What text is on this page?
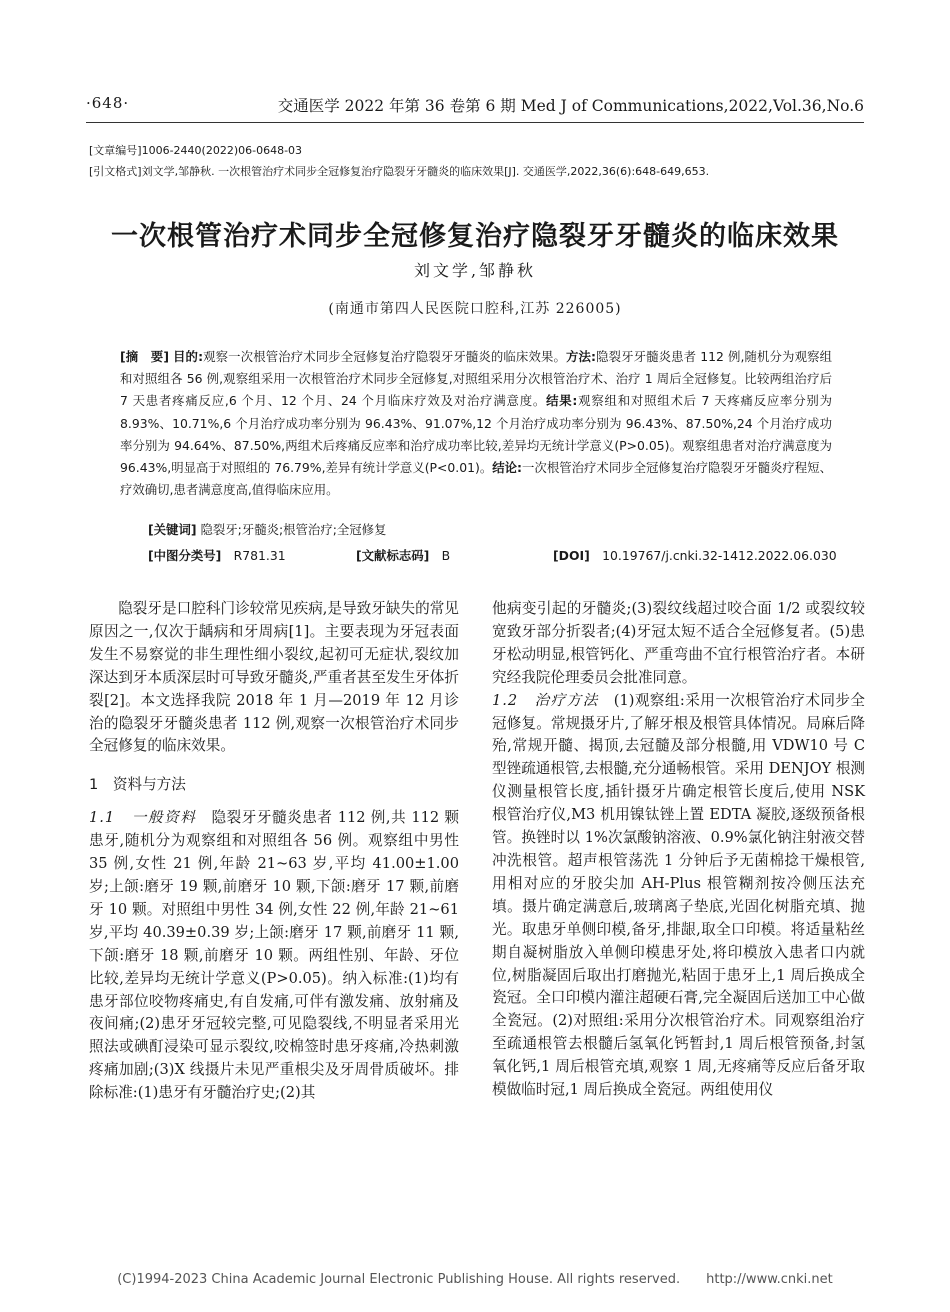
·648·	交通医学 2022 年第 36 卷第 6 期 Med J of Communications,2022,Vol.36,No.6
[文章编号]1006-2440(2022)06-0648-03
[引文格式]刘文学,邹静秋. 一次根管治疗术同步全冠修复治疗隐裂牙牙髓炎的临床效果[J]. 交通医学,2022,36(6):648-649,653.
一次根管治疗术同步全冠修复治疗隐裂牙牙髓炎的临床效果
刘文学,邹静秋
(南通市第四人民医院口腔科,江苏 226005)
[摘　要] 目的:观察一次根管治疗术同步全冠修复治疗隐裂牙牙髓炎的临床效果。方法:隐裂牙牙髓炎患者 112 例,随机分为观察组和对照组各 56 例,观察组采用一次根管治疗术同步全冠修复,对照组采用分次根管治疗术、治疗 1 周后全冠修复。比较两组治疗后 7 天患者疼痛反应,6 个月、12 个月、24 个月临床疗效及对治疗满意度。结果:观察组和对照组术后 7 天疼痛反应率分别为 8.93%、10.71%,6 个月治疗成功率分别为 96.43%、91.07%,12 个月治疗成功率分别为 96.43%、87.50%,24 个月治疗成功率分别为 94.64%、87.50%,两组术后疼痛反应率和治疗成功率比较,差异均无统计学意义(P>0.05)。观察组患者对治疗满意度为 96.43%,明显高于对照组的 76.79%,差异有统计学意义(P<0.01)。结论:一次根管治疗术同步全冠修复治疗隐裂牙牙髓炎疗程短、疗效确切,患者满意度高,值得临床应用。
[关键词] 隐裂牙;牙髓炎;根管治疗;全冠修复
[中图分类号]　 R781.31	[文献标志码]　 B	[DOI]　 10.19767/j.cnki.32-1412.2022.06.030

隐裂牙是口腔科门诊较常见疾病,是导致牙缺失的常见原因之一,仅次于龋病和牙周病[1]。主要表现为牙冠表面发生不易察觉的非生理性细小裂纹,起初可无症状,裂纹加深达到牙本质深层时可导致牙髓炎,严重者甚至发生牙体折裂[2]。本文选择我院 2018 年 1 月—2019 年 12 月诊治的隐裂牙牙髓炎患者 112 例,观察一次根管治疗术同步全冠修复的临床效果。

1　资料与方法

1.1　一般资料　 隐裂牙牙髓炎患者 112 例,共 112 颗患牙,随机分为观察组和对照组各 56 例。观察组中男性 35 例,女性 21 例,年龄 21~63 岁,平均 41.00±1.00 岁;上颌:磨牙 19 颗,前磨牙 10 颗,下颌:磨牙 17 颗,前磨牙 10 颗。对照组中男性 34 例,女性 22 例,年龄 21~61 岁,平均 40.39±0.39 岁;上颌:磨牙 17 颗,前磨牙 11 颗,下颌:磨牙 18 颗,前磨牙 10 颗。两组性别、年龄、牙位比较,差异均无统计学意义(P>0.05)。纳入标准:(1)均有患牙部位咬物疼痛史,有自发痛,可伴有激发痛、放射痛及夜间痛;(2)患牙牙冠较完整,可见隐裂线,不明显者采用光照法或碘酊浸染可显示裂纹,咬棉签时患牙疼痛,冷热刺激疼痛加剧;(3)X 线摄片未见严重根尖及牙周骨质破坏。排除标准:(1)患牙有牙髓治疗史;(2)其

他病变引起的牙髓炎;(3)裂纹线超过咬合面 1/2 或裂纹较宽致牙部分折裂者;(4)牙冠太短不适合全冠修复者。(5)患牙松动明显,根管钙化、严重弯曲不宜行根管治疗者。本研究经我院伦理委员会批准同意。

1.2　治疗方法　 (1)观察组:采用一次根管治疗术同步全冠修复。常规摄牙片,了解牙根及根管具体情况。局麻后降殆,常规开髓、揭顶,去冠髓及部分根髓,用 VDW10 号 C 型锉疏通根管,去根髓,充分通畅根管。采用 DENJOY 根测仪测量根管长度,插针摄牙片确定根管长度后,使用 NSK 根管治疗仪,M3 机用镍钛锉上置 EDTA 凝胶,逐级预备根管。换锉时以 1%次氯酸钠溶液、0.9%氯化钠注射液交替冲洗根管。超声根管荡洗 1 分钟后予无菌棉捻干燥根管,用相对应的牙胶尖加 AH-Plus 根管糊剂按冷侧压法充填。摄片确定满意后,玻璃离子垫底,光固化树脂充填、抛光。取患牙单侧印模,备牙,排龈,取全口印模。将适量粘丝期自凝树脂放入单侧印模患牙处,将印模放入患者口内就位,树脂凝固后取出打磨抛光,粘固于患牙上,1 周后换成全瓷冠。全口印模内灌注超硬石膏,完全凝固后送加工中心做全瓷冠。(2)对照组:采用分次根管治疗术。同观察组治疗至疏通根管去根髓后氢氧化钙暂封,1 周后根管预备,封氢氧化钙,1 周后根管充填,观察 1 周,无疼痛等反应后备牙取模做临时冠,1 周后换成全瓷冠。两组使用仪

(C)1994-2023 China Academic Journal Electronic Publishing House. All rights reserved.　　http://www.cnki.net
